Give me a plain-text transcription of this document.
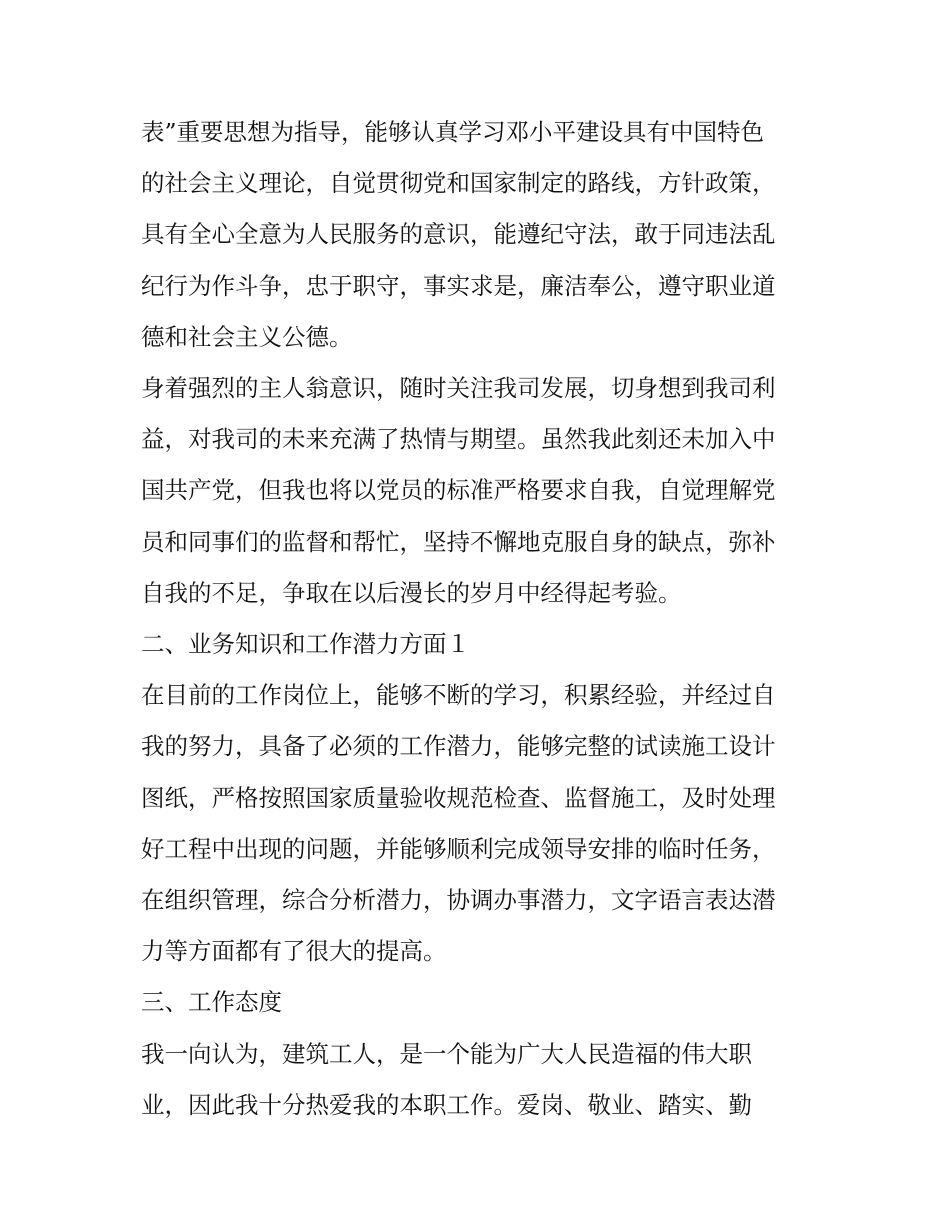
表”重要思想为指导，能够认真学习邓小平建设具有中国特色

的社会主义理论，自觉贯彻党和国家制定的路线，方针政策，

具有全心全意为人民服务的意识，能遵纪守法，敢于同违法乱

纪行为作斗争，忠于职守，事实求是，廉洁奉公，遵守职业道

德和社会主义公德。

身着强烈的主人翁意识，随时关注我司发展，切身想到我司利

益，对我司的未来充满了热情与期望。虽然我此刻还未加入中

国共产党，但我也将以党员的标准严格要求自我，自觉理解党

员和同事们的监督和帮忙，坚持不懈地克服自身的缺点，弥补

自我的不足，争取在以后漫长的岁月中经得起考验。

二、业务知识和工作潜力方面１

在目前的工作岗位上，能够不断的学习，积累经验，并经过自

我的努力，具备了必须的工作潜力，能够完整的试读施工设计

图纸，严格按照国家质量验收规范检查、监督施工，及时处理

好工程中出现的问题，并能够顺利完成领导安排的临时任务，

在组织管理，综合分析潜力，协调办事潜力，文字语言表达潜

力等方面都有了很大的提高。

三、工作态度

我一向认为，建筑工人，是一个能为广大人民造福的伟大职

业，因此我十分热爱我的本职工作。爱岗、敬业、踏实、勤
